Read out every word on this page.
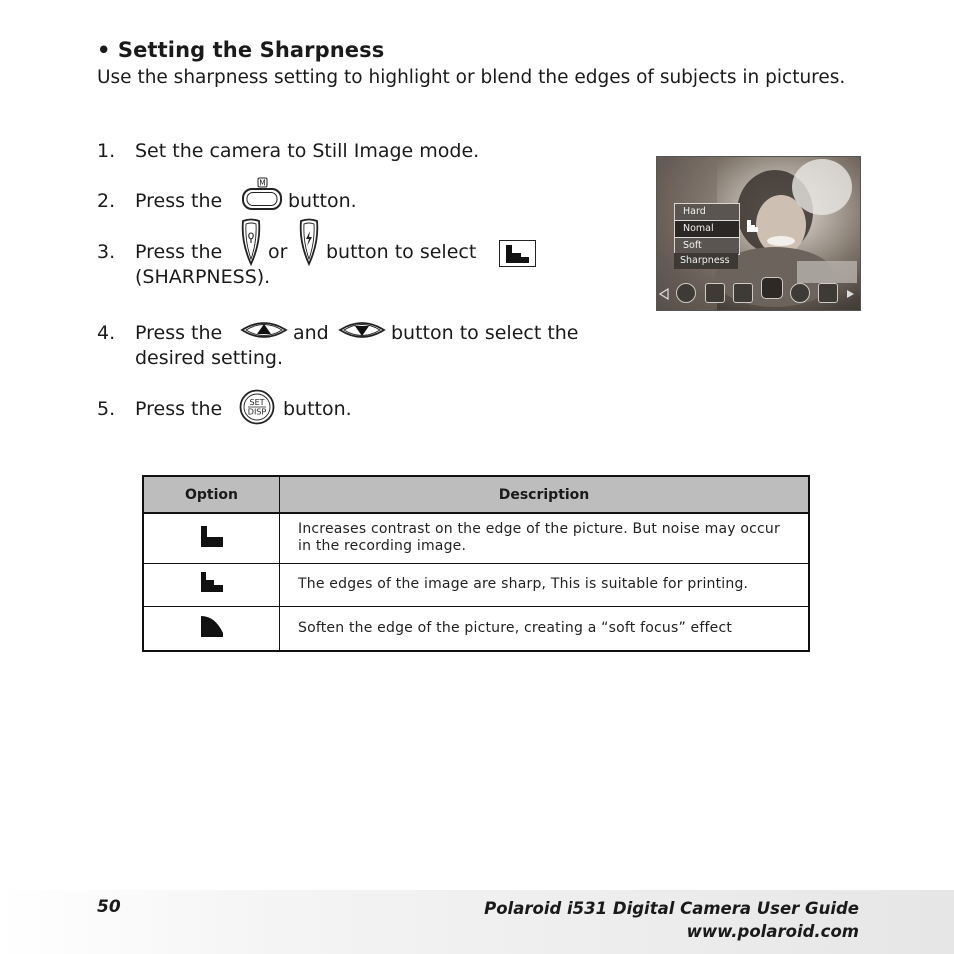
• Setting the Sharpness
Use the sharpness setting to highlight or blend the edges of subjects in pictures.
1. Set the camera to Still Image mode.
2. Press the
M
button.
3. Press the or button to select
(SHARPNESS).
4. Press the	and	button to select the
desired setting.
5. Press the	SET
DISP button.
Hard
Nomal
Soft
Sharpness
Option	Description
	Increases contrast on the edge of the picture. But noise may occur in the recording image.
	The edges of the image are sharp, This is suitable for printing.
	Soften the edge of the picture, creating a “soft focus” effect
50	Polaroid i531 Digital Camera User Guide
www.polaroid.com
